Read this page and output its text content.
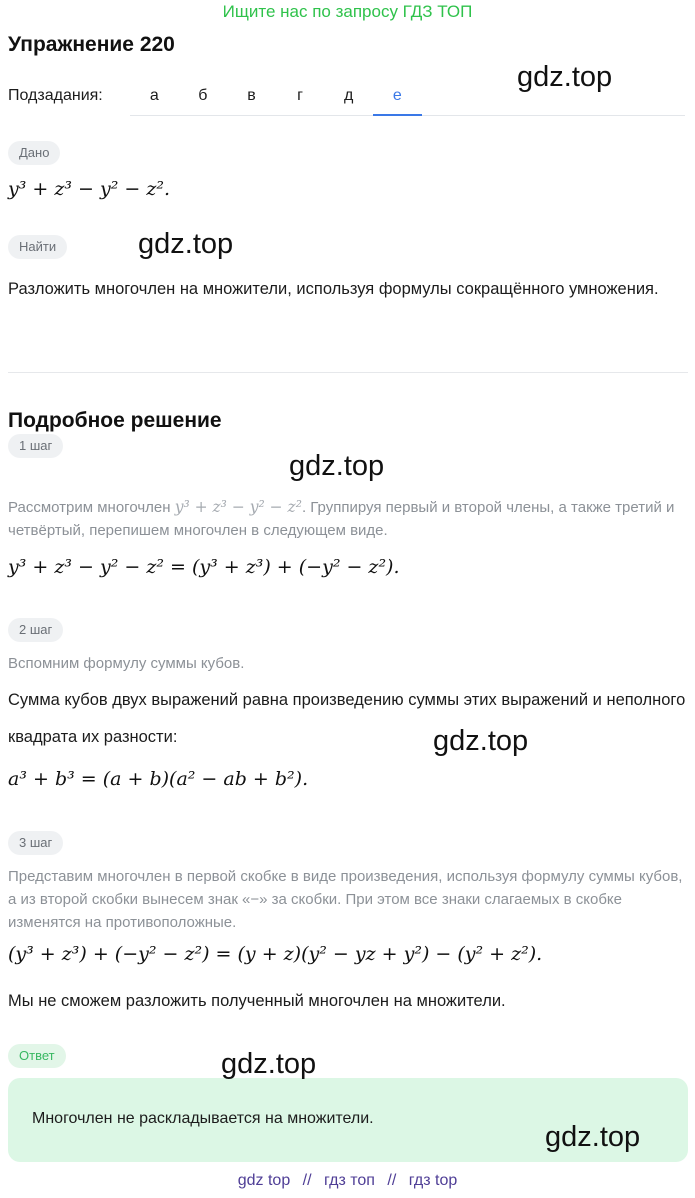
Ищите нас по запросу ГДЗ ТОП
Упражнение 220
Подзадания:	а	б	в	г	д	е
Дано
y³ + z³ − y² − z².
Найти
Разложить многочлен на множители, используя формулы сокращённого умножения.
Подробное решение
1 шаг
Рассмотрим многочлен y³ + z³ − y² − z². Группируя первый и второй члены, а также третий и четвёртый, перепишем многочлен в следующем виде.
y³ + z³ − y² − z² = (y³ + z³) + (−y² − z²).
2 шаг
Вспомним формулу суммы кубов.
Сумма кубов двух выражений равна произведению суммы этих выражений и неполного квадрата их разности:
a³ + b³ = (a + b)(a² − ab + b²).
3 шаг
Представим многочлен в первой скобке в виде произведения, используя формулу суммы кубов, а из второй скобки вынесем знак «−» за скобки. При этом все знаки слагаемых в скобке изменятся на противоположные.
(y³ + z³) + (−y² − z²) = (y + z)(y² − yz + y²) − (y² + z²).
Мы не сможем разложить полученный многочлен на множители.
Ответ
Многочлен не раскладывается на множители.
gdz top // гдз топ // гдз top
gdz.top
gdz.top
gdz.top
gdz.top
gdz.top
gdz.top
